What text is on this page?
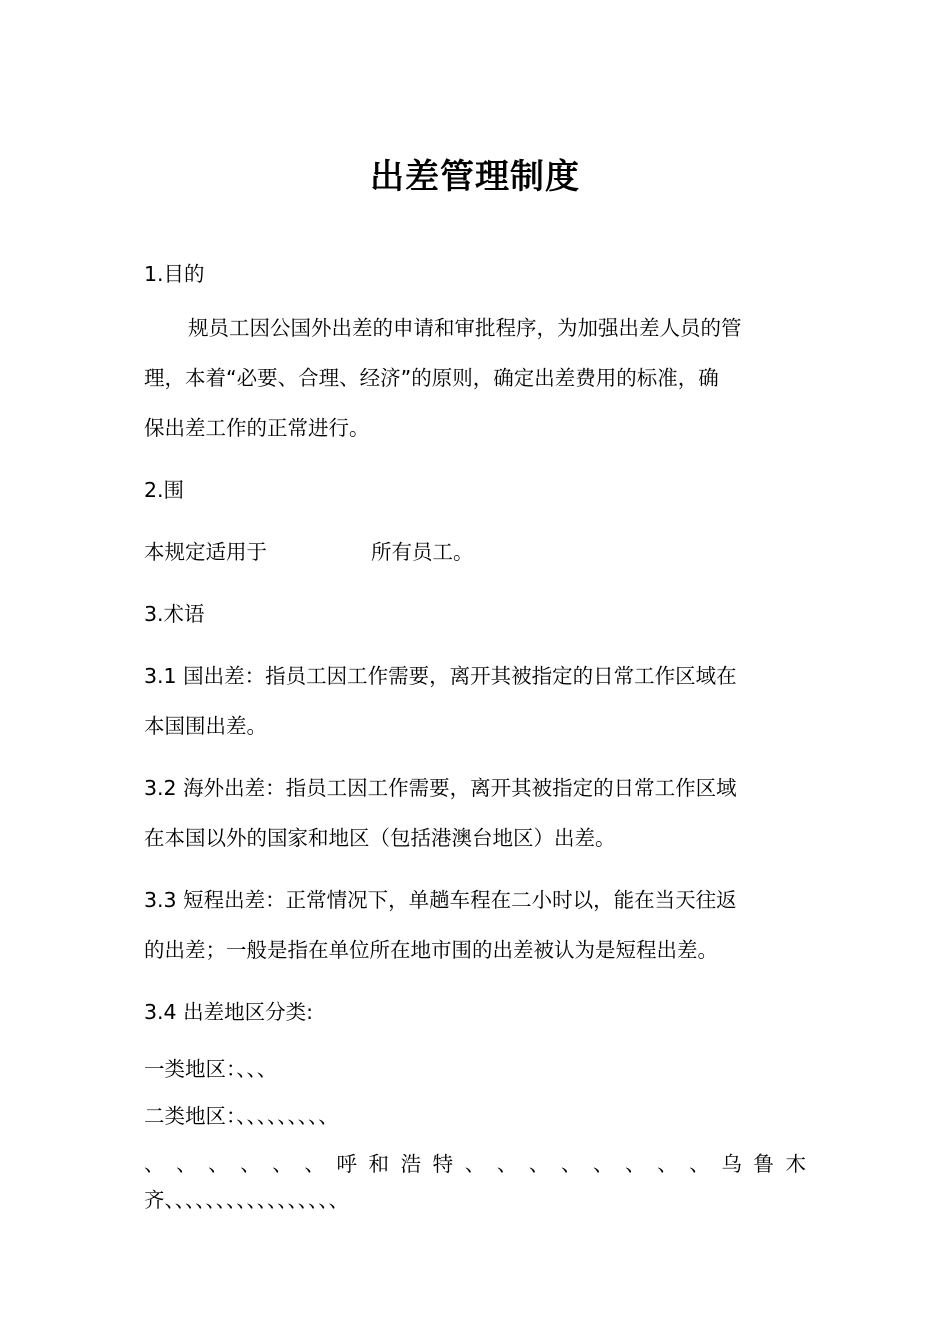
出差管理制度
1.目的
规员工因公国外出差的申请和审批程序，为加强出差人员的管
理，本着“必要、合理、经济”的原则，确定出差费用的标准，确
保出差工作的正常进行。
2.围
本规定适用于	所有员工。
3.术语
3.1 国出差：指员工因工作需要，离开其被指定的日常工作区域在
本国围出差。
3.2 海外出差：指员工因工作需要，离开其被指定的日常工作区域
在本国以外的国家和地区（包括港澳台地区）出差。
3.3 短程出差：正常情况下，单趟车程在二小时以，能在当天往返
的出差；一般是指在单位所在地市围的出差被认为是短程出差。
3.4 出差地区分类:
一类地区：、、、
二类地区：、、、、、、、、、
、 、 、 、 、 、 呼 和 浩 特 、 、 、 、 、 、 、 、 乌 鲁 木
齐、、、、、、、、、、、、、、、、、
